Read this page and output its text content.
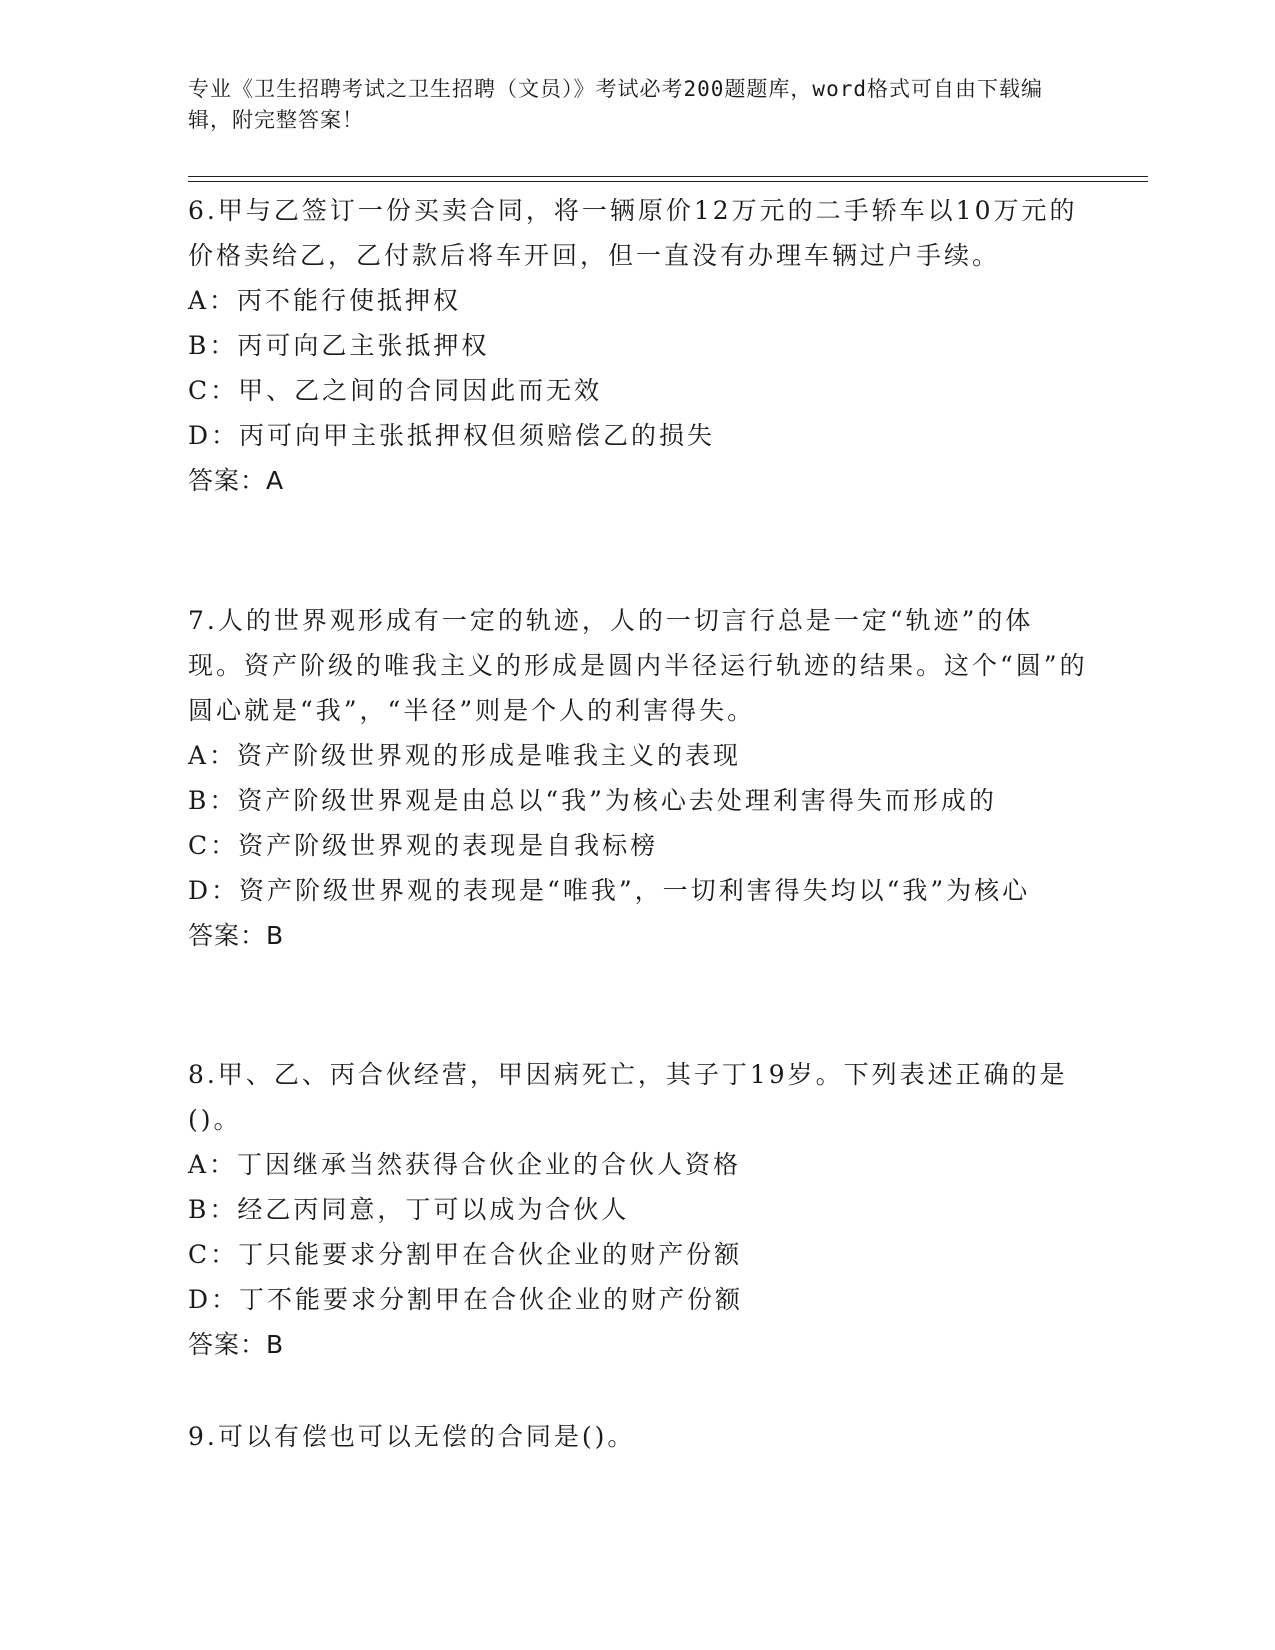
专业《卫生招聘考试之卫生招聘（文员）》考试必考200题题库，word格式可自由下载编辑，附完整答案！

6.甲与乙签订一份买卖合同，将一辆原价12万元的二手轿车以10万元的价格卖给乙，乙付款后将车开回，但一直没有办理车辆过户手续。

A：丙不能行使抵押权

B：丙可向乙主张抵押权

C：甲、乙之间的合同因此而无效

D：丙可向甲主张抵押权但须赔偿乙的损失

答案：A

7.人的世界观形成有一定的轨迹，人的一切言行总是一定“轨迹”的体现。资产阶级的唯我主义的形成是圆内半径运行轨迹的结果。这个“圆”的圆心就是“我”，“半径”则是个人的利害得失。

A：资产阶级世界观的形成是唯我主义的表现

B：资产阶级世界观是由总以“我”为核心去处理利害得失而形成的

C：资产阶级世界观的表现是自我标榜

D：资产阶级世界观的表现是“唯我”，一切利害得失均以“我”为核心

答案：B

8.甲、乙、丙合伙经营，甲因病死亡，其子丁19岁。下列表述正确的是()。

A：丁因继承当然获得合伙企业的合伙人资格

B：经乙丙同意，丁可以成为合伙人

C：丁只能要求分割甲在合伙企业的财产份额

D：丁不能要求分割甲在合伙企业的财产份额

答案：B

9.可以有偿也可以无偿的合同是()。
